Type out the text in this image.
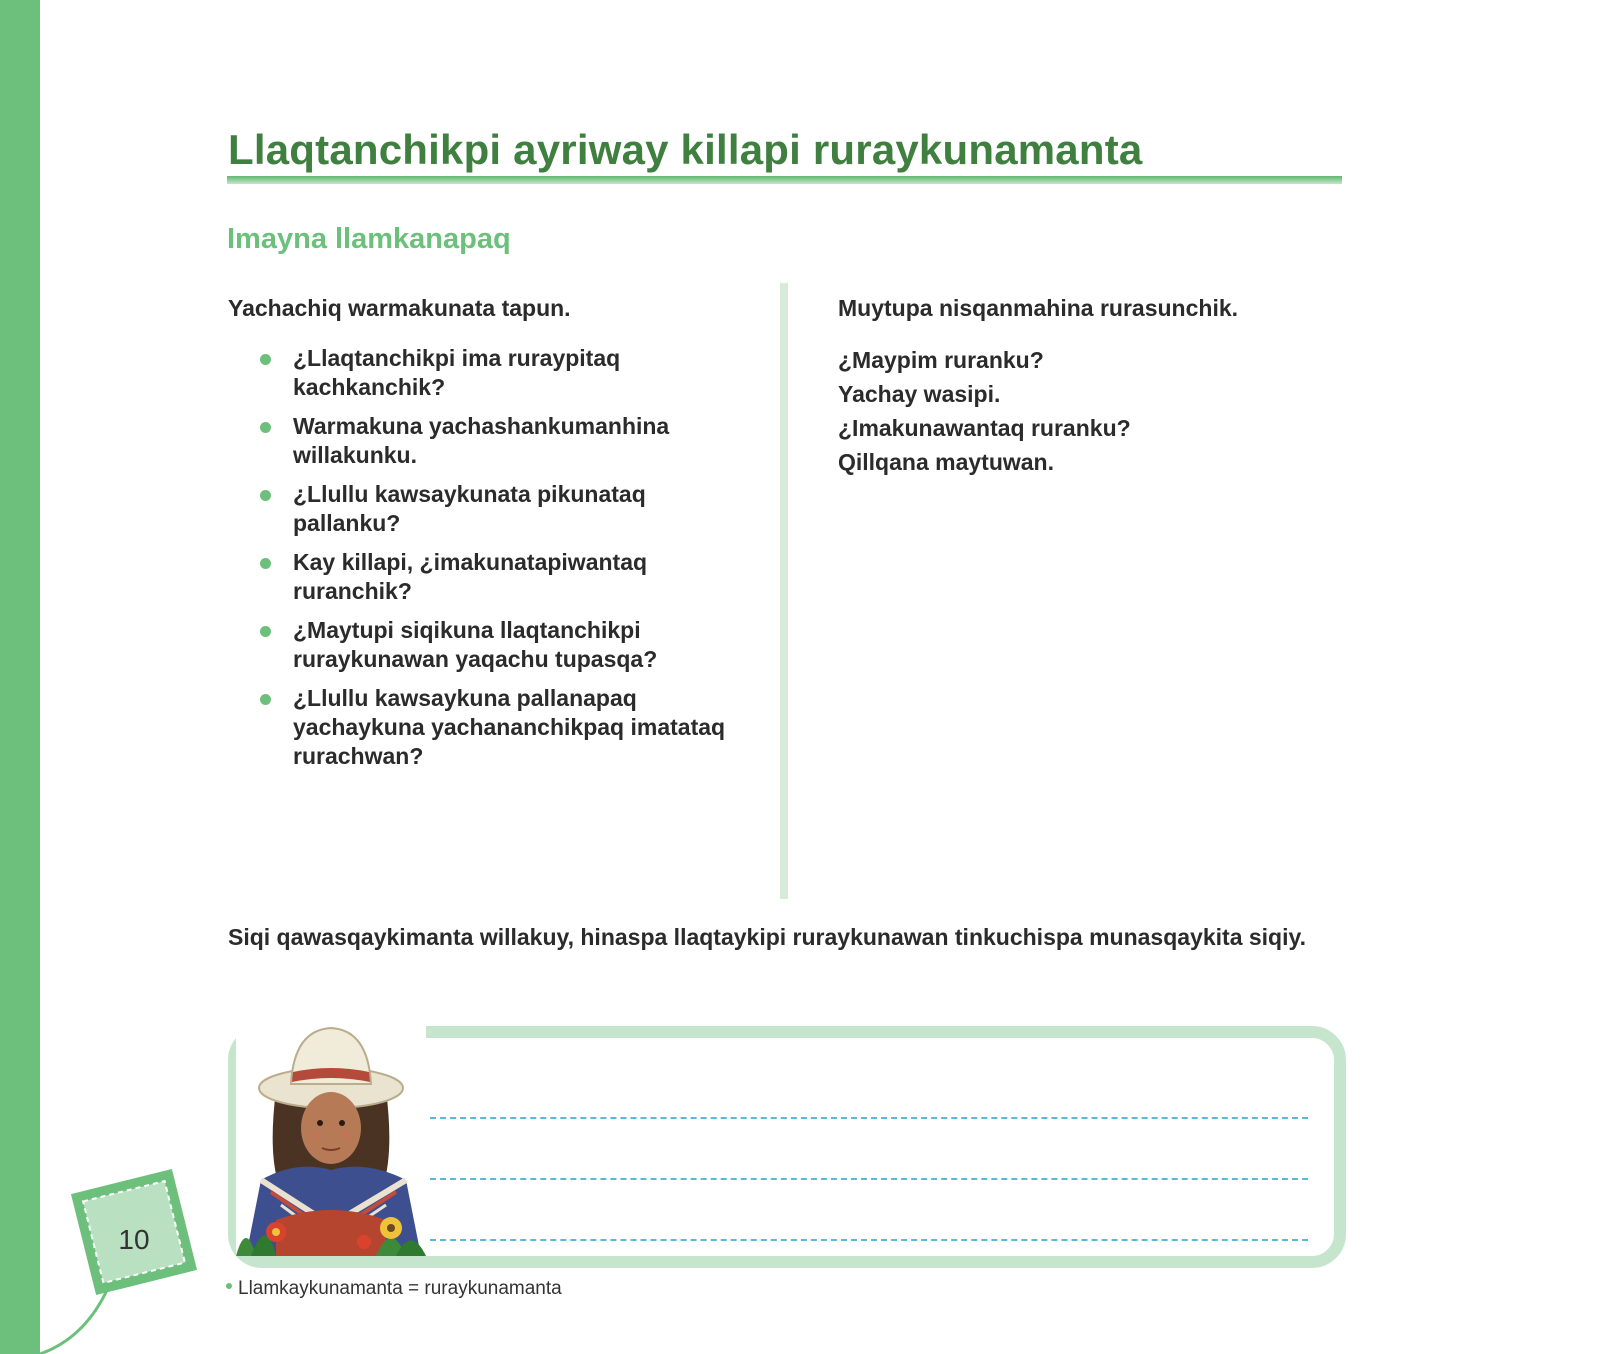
Llaqtanchikpi ayriway killapi ruraykunamanta
Imayna llamkanapaq

Yachachiq warmakunata tapun.

¿Llaqtanchikpi ima ruraypitaq kachkanchik?
Warmakuna yachashankumanhina willakunku.
¿Llullu kawsaykunata pikunataq pallanku?
Kay killapi, ¿imakunatapiwantaq ruranchik?
¿Maytupi siqikuna llaqtanchikpi ruraykunawan yaqachu tupasqa?
¿Llullu kawsaykuna pallanapaq yachaykuna yachananchikpaq imatataq rurachwan?

Muytupa nisqanmahina rurasunchik.

¿Maypim ruranku?
Yachay wasipi.
¿Imakunawantaq ruranku?
Qillqana maytuwan.

Siqi qawasqaykimanta willakuy, hinaspa llaqtaykipi ruraykunawan tinkuchispa munasqaykita siqiy.

10

Llamkaykunamanta = ruraykunamanta
